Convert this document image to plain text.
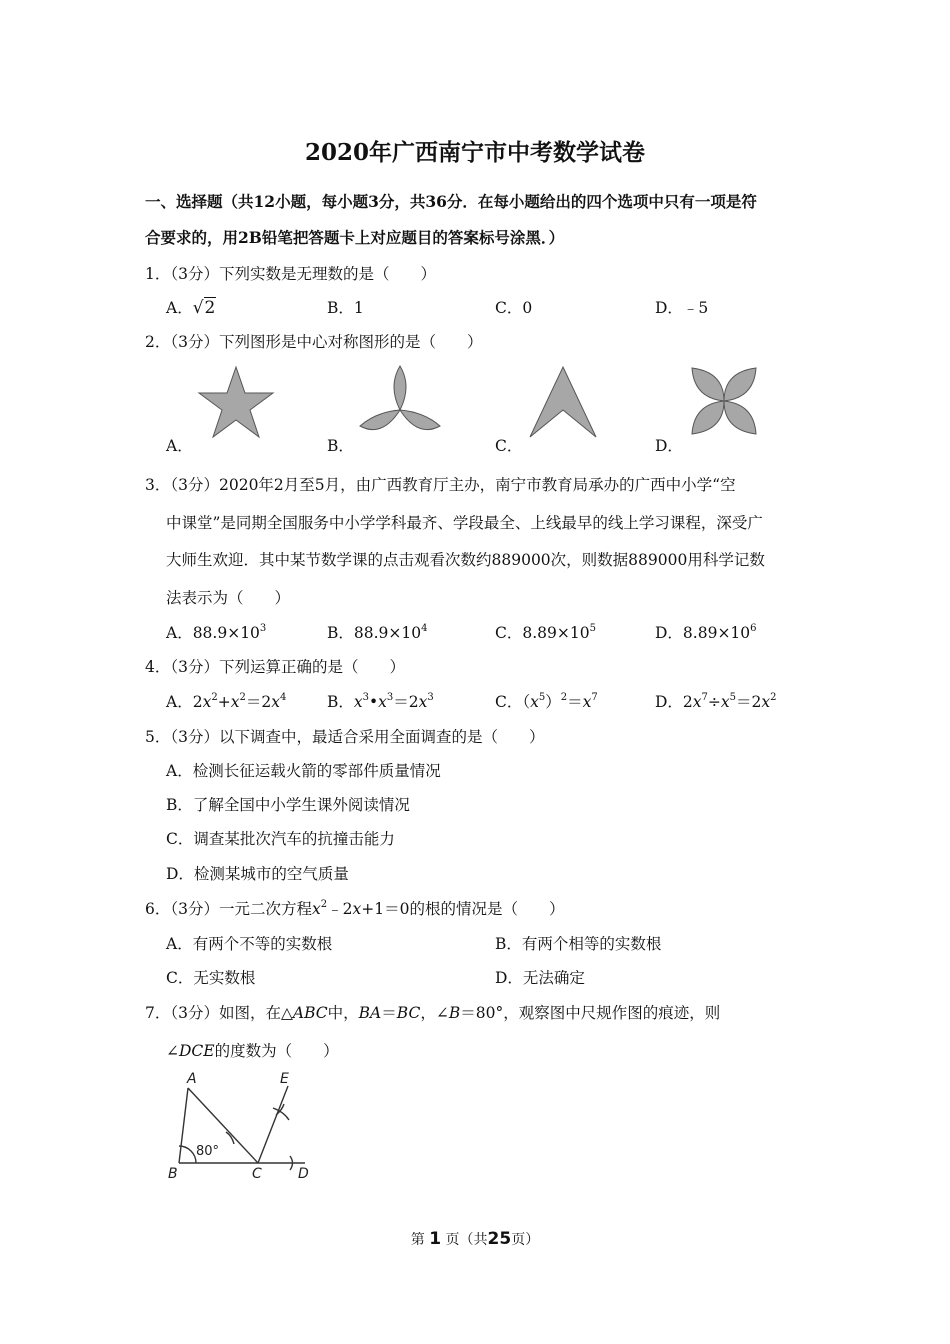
2020年广西南宁市中考数学试卷
一、选择题（共12小题，每小题3分，共36分．在每小题给出的四个选项中只有一项是符
合要求的，用2B铅笔把答题卡上对应题目的答案标号涂黑．）
1．（3分）下列实数是无理数的是（　　）
A．√2	B．1	C．0	D．﹣5
2．（3分）下列图形是中心对称图形的是（　　）
A．	B．	C．	D．
3．（3分）2020年2月至5月，由广西教育厅主办，南宁市教育局承办的广西中小学“空
中课堂”是同期全国服务中小学学科最齐、学段最全、上线最早的线上学习课程，深受广
大师生欢迎．其中某节数学课的点击观看次数约889000次，则数据889000用科学记数
法表示为（　　）
A．$88.9\times 10^3$	B．$88.9\times 10^4$	C．$8.89\times 10^5$	D．$8.89\times 10^6$
4．（3分）下列运算正确的是（　　）
A．$2x^2+x^2=2x^4$	B．$x^3•x^3=2x^3$	C．$(x^5)^2=x^7$	D．$2x^7\div x^5=2x^2$
5．（3分）以下调查中，最适合采用全面调查的是（　　）
A．检测长征运载火箭的零部件质量情况
B．了解全国中小学生课外阅读情况
C．调查某批次汽车的抗撞击能力
D．检测某城市的空气质量
6．（3分）一元二次方程$x^2﹣2x+1=0$的根的情况是（　　）
A．有两个不等的实数根	B．有两个相等的实数根
C．无实数根	D．无法确定
7．（3分）如图，在△ABC中，BA＝BC，∠B＝80°，观察图中尺规作图的痕迹，则
∠DCE的度数为（　　）
A	E
B	C	D
80°
第 1 页（共25页）
